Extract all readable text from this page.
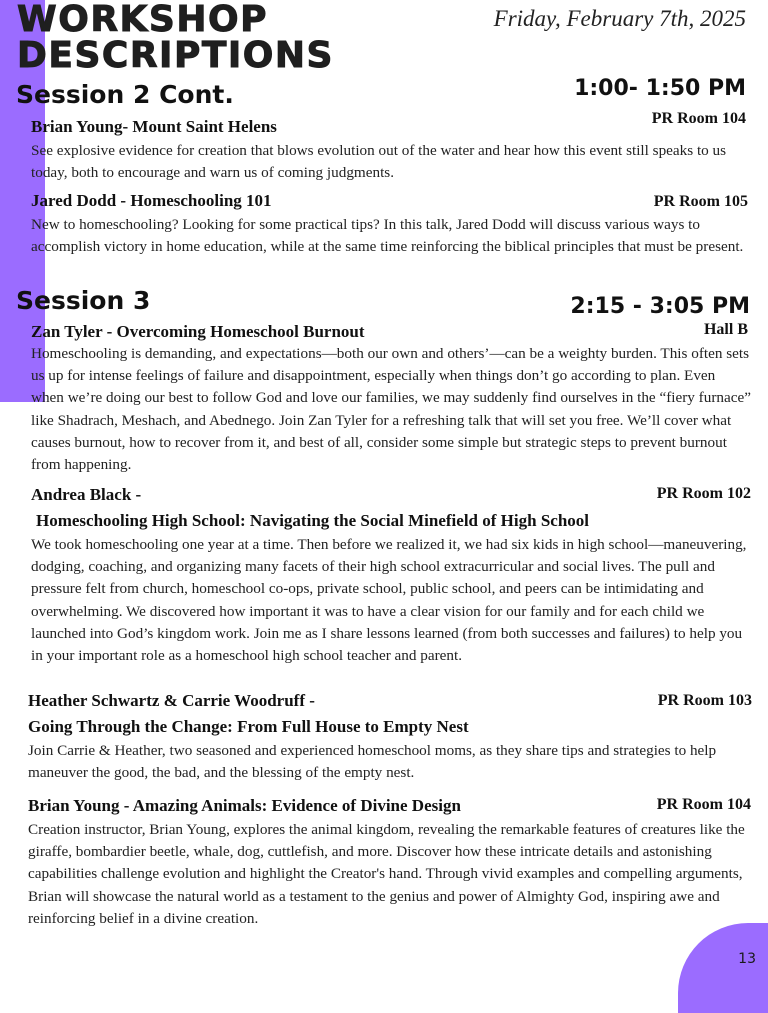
WORKSHOP
DESCRIPTIONS
Friday, February 7th, 2025
Session 2 Cont.	1:00- 1:50 PM
Brian Young- Mount Saint Helens	PR Room 104

See explosive evidence for creation that blows evolution out of the water and hear how this event still speaks to us today, both to encourage and warn us of coming judgments.

Jared Dodd - Homeschooling 101	PR Room 105

New to homeschooling? Looking for some practical tips? In this talk, Jared Dodd will discuss various ways to accomplish victory in home education, while at the same time reinforcing the biblical principles that must be present.

Session 3	2:15 - 3:05 PM
Zan Tyler - Overcoming Homeschool Burnout	Hall B

Homeschooling is demanding, and expectations—both our own and others’—can be a weighty burden. This often sets us up for intense feelings of failure and disappointment, especially when things don’t go according to plan. Even when we’re doing our best to follow God and love our families, we may suddenly find ourselves in the “fiery furnace” like Shadrach, Meshach, and Abednego. Join Zan Tyler for a refreshing talk that will set you free. We’ll cover what causes burnout, how to recover from it, and best of all, consider some simple but strategic steps to prevent burnout from happening.

Andrea Black -	PR Room 102
Homeschooling High School: Navigating the Social Minefield of High School

We took homeschooling one year at a time. Then before we realized it, we had six kids in high school—maneuvering, dodging, coaching, and organizing many facets of their high school extracurricular and social lives. The pull and pressure felt from church, homeschool co-ops, private school, public school, and peers can be intimidating and overwhelming. We discovered how important it was to have a clear vision for our family and for each child we launched into God’s kingdom work. Join me as I share lessons learned (from both successes and failures) to help you in your important role as a homeschool high school teacher and parent.

Heather Schwartz & Carrie Woodruff -	PR Room 103
Going Through the Change: From Full House to Empty Nest

Join Carrie & Heather, two seasoned and experienced homeschool moms, as they share tips and strategies to help maneuver the good, the bad, and the blessing of the empty nest.

Brian Young - Amazing Animals: Evidence of Divine Design	PR Room 104

Creation instructor, Brian Young, explores the animal kingdom, revealing the remarkable features of creatures like the giraffe, bombardier beetle, whale, dog, cuttlefish, and more. Discover how these intricate details and astonishing capabilities challenge evolution and highlight the Creator's hand. Through vivid examples and compelling arguments, Brian will showcase the natural world as a testament to the genius and power of Almighty God, inspiring awe and reinforcing belief in a divine creation.

13
